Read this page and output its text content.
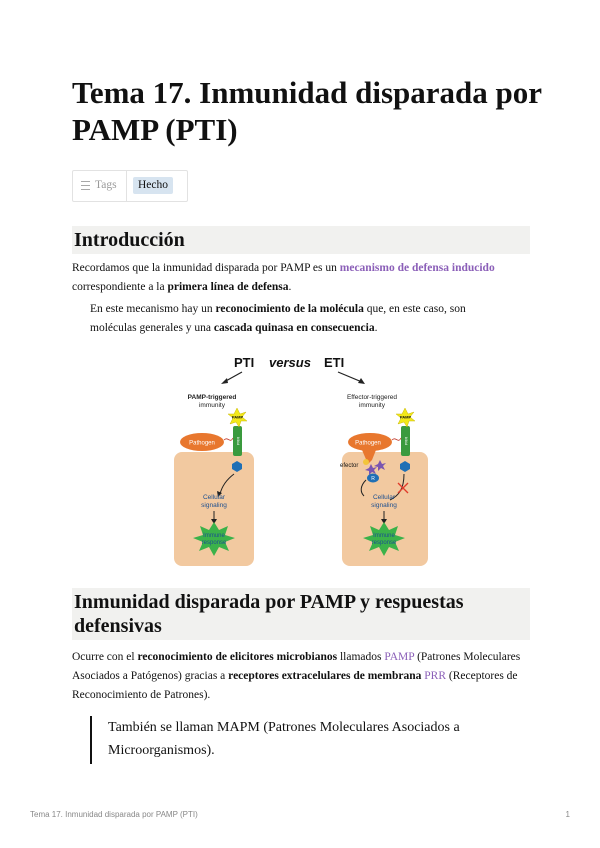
Tema 17. Inmunidad disparada por PAMP (PTI)
Tags	Hecho
Introducción

Recordamos que la inmunidad disparada por PAMP es un mecanismo de defensa inducido correspondiente a la primera línea de defensa.

En este mecanismo hay un reconocimiento de la molécula que, en este caso, son moléculas generales y una cascada quinasa en consecuencia.

PTI versus ETI
PAMP-triggered
immunity
Effector-triggered
immunity
PRR
PAMP
Pathogen
Cellular
signaling
Immune
response
PRR
PAMP
Pathogen
efector
R
Cellular
signaling
Immune
response
Inmunidad disparada por PAMP y respuestas defensivas

Ocurre con el reconocimiento de elicitores microbianos llamados PAMP (Patrones Moleculares Asociados a Patógenos) gracias a receptores extracelulares de membrana PRR (Receptores de Reconocimiento de Patrones).

También se llaman MAPM (Patrones Moleculares Asociados a Microorganismos).

Tema 17. Inmunidad disparada por PAMP (PTI)	1
